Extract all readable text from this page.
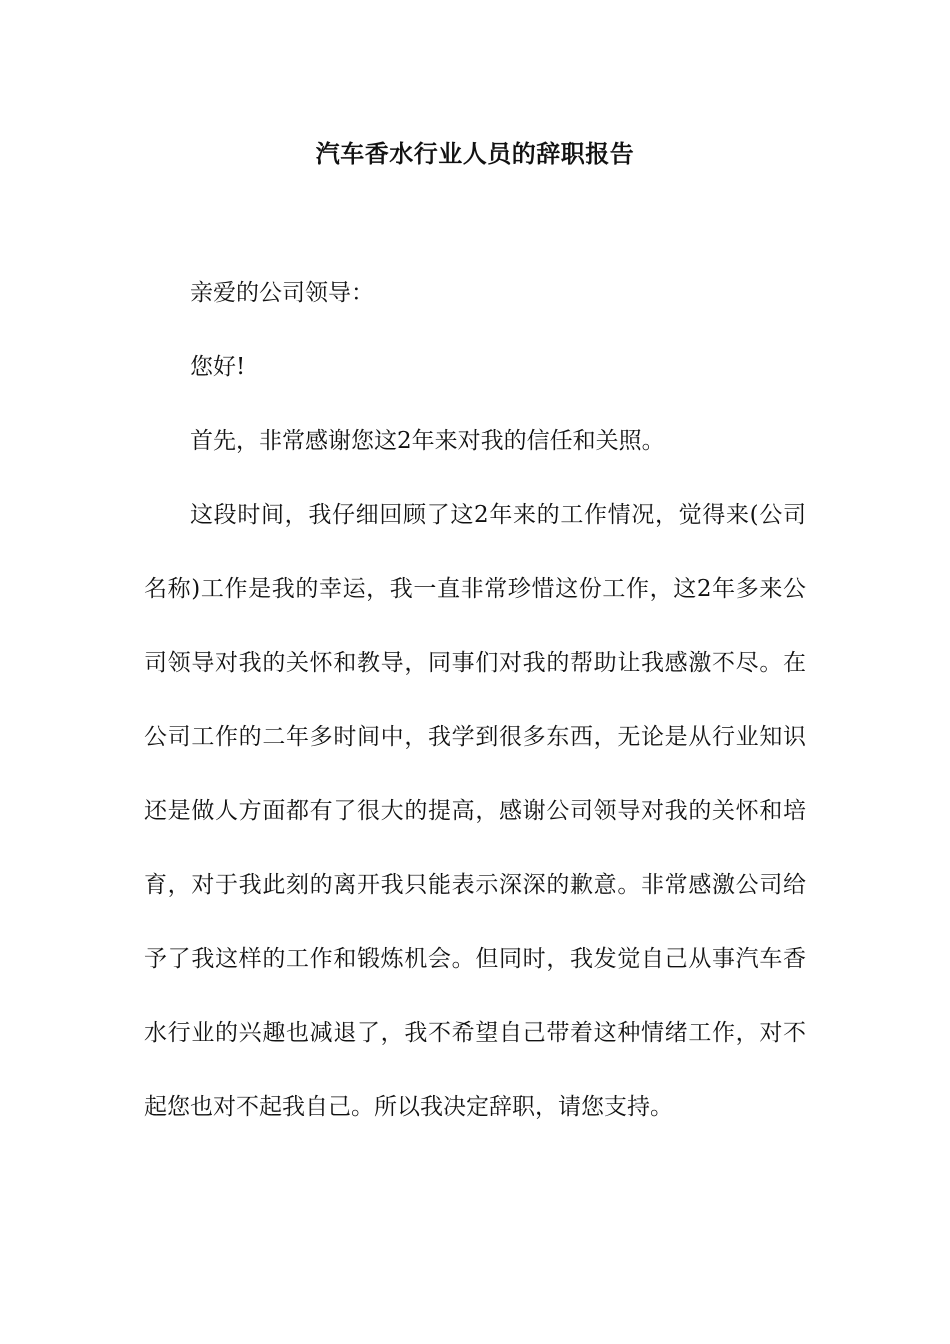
汽车香水行业人员的辞职报告

亲爱的公司领导：

您好!

首先，非常感谢您这2年来对我的信任和关照。

这段时间，我仔细回顾了这2年来的工作情况，觉得来(公司名称)工作是我的幸运，我一直非常珍惜这份工作，这2年多来公司领导对我的关怀和教导，同事们对我的帮助让我感激不尽。在公司工作的二年多时间中，我学到很多东西，无论是从行业知识还是做人方面都有了很大的提高，感谢公司领导对我的关怀和培育，对于我此刻的离开我只能表示深深的歉意。非常感激公司给予了我这样的工作和锻炼机会。但同时，我发觉自己从事汽车香水行业的兴趣也减退了，我不希望自己带着这种情绪工作，对不起您也对不起我自己。所以我决定辞职，请您支持。
